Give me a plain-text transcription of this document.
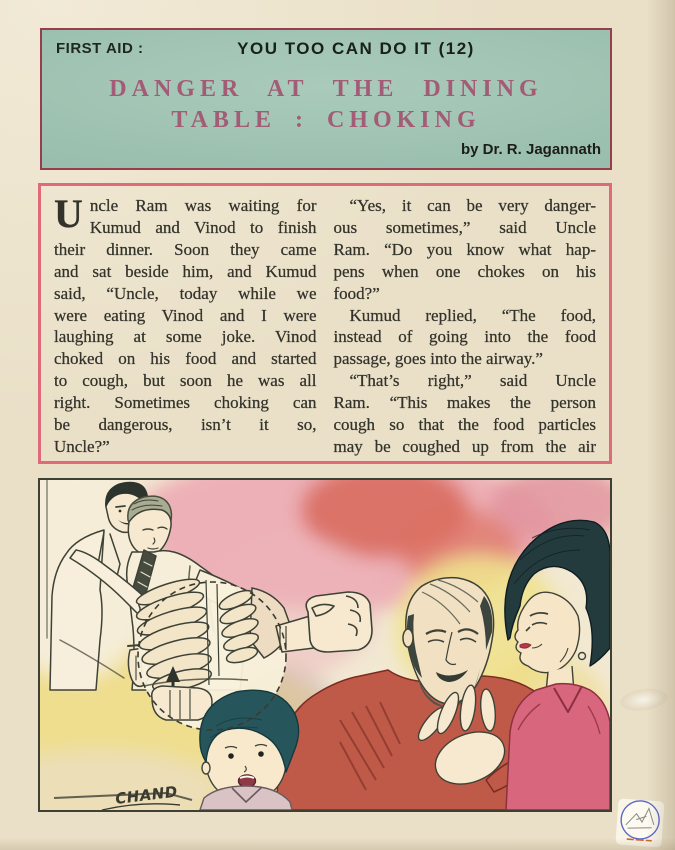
FIRST AID :	YOU TOO CAN DO IT (12)
DANGER AT THE DINING
TABLE : CHOKING
by Dr. R. Jagannath
U ncle Ram was waiting for
Kumud and Vinod to finish
their dinner. Soon they came
and sat beside him, and Kumud
said, “Uncle, today while we
were eating Vinod and I were
laughing at some joke. Vinod
choked on his food and started
to cough, but soon he was all
right. Sometimes choking can
be dangerous, isn’t it so,
Uncle?”
“Yes, it can be very danger-
ous sometimes,” said Uncle
Ram. “Do you know what hap-
pens when one chokes on his
food?”
Kumud replied, “The food,
instead of going into the food
passage, goes into the airway.”
“That’s right,” said Uncle
Ram. “This makes the person
cough so that the food particles
may be coughed up from the air
CHAND
